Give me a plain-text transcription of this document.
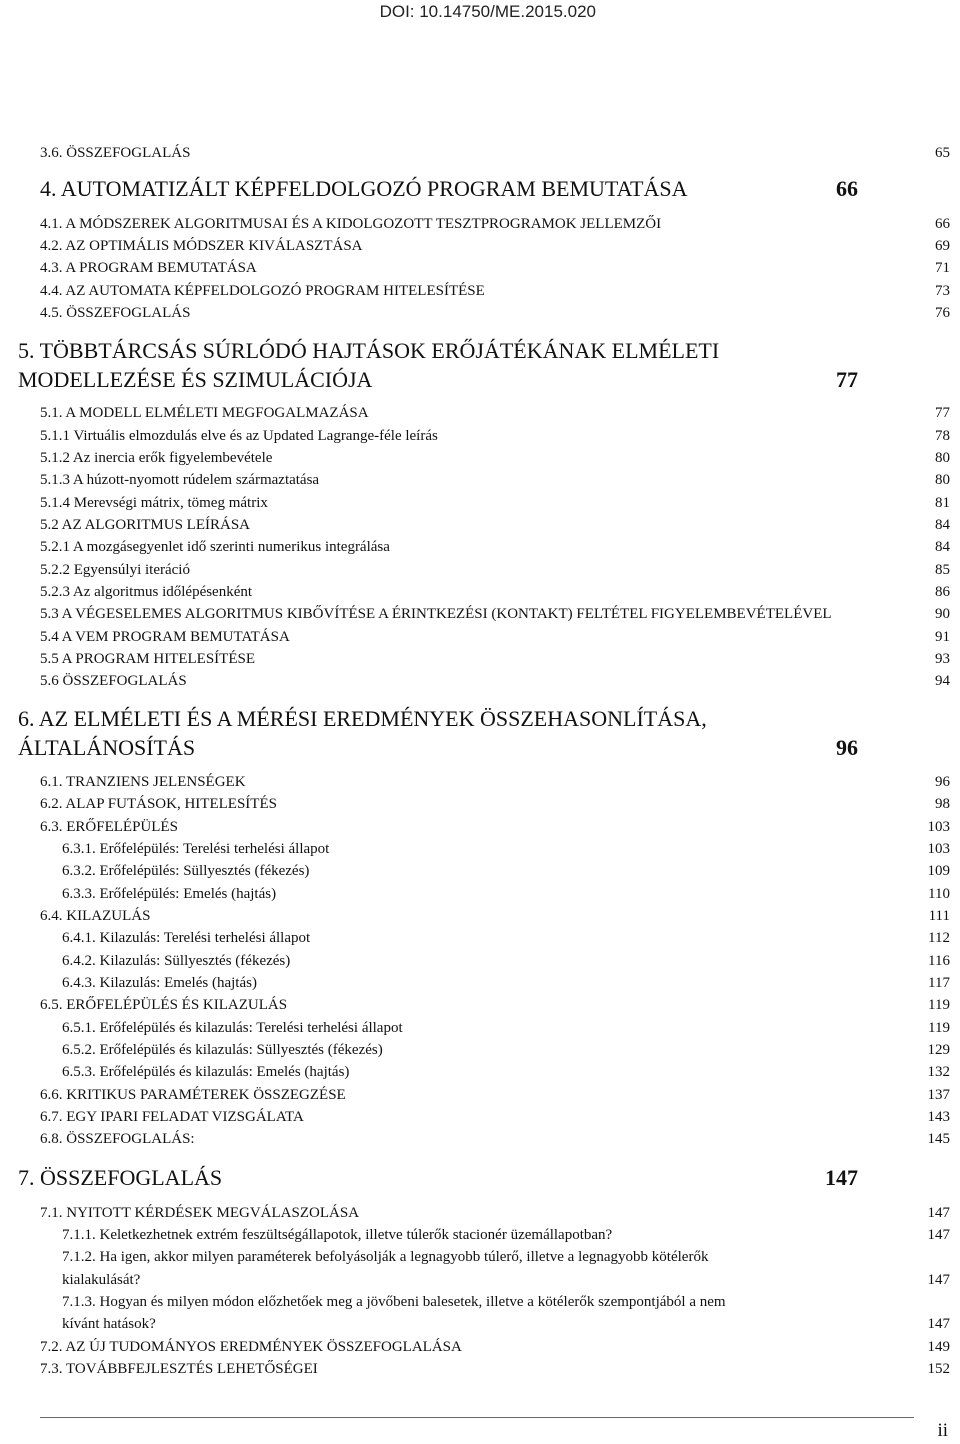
DOI: 10.14750/ME.2015.020
3.6. ÖSSZEFOGLALÁS	65
4. AUTOMATIZÁLT KÉPFELDOLGOZÓ PROGRAM BEMUTATÁSA	66
4.1. A MÓDSZEREK ALGORITMUSAI ÉS A KIDOLGOZOTT TESZTPROGRAMOK JELLEMZŐI	66
4.2. AZ OPTIMÁLIS MÓDSZER KIVÁLASZTÁSA	69
4.3. A PROGRAM BEMUTATÁSA	71
4.4. AZ AUTOMATA KÉPFELDOLGOZÓ PROGRAM HITELESÍTÉSE	73
4.5. ÖSSZEFOGLALÁS	76
5. TÖBBTÁRCSÁS SÚRLÓDÓ HAJTÁSOK ERŐJÁTÉKÁNAK ELMÉLETI
MODELLEZÉSE ÉS SZIMULÁCIÓJA	77
5.1. A MODELL ELMÉLETI MEGFOGALMAZÁSA	77
5.1.1 Virtuális elmozdulás elve és az Updated Lagrange-féle leírás	78
5.1.2 Az inercia erők figyelembevétele	80
5.1.3 A húzott-nyomott rúdelem származtatása	80
5.1.4 Merevségi mátrix, tömeg mátrix	81
5.2 AZ ALGORITMUS LEÍRÁSA	84
5.2.1 A mozgásegyenlet idő szerinti numerikus integrálása	84
5.2.2 Egyensúlyi iteráció	85
5.2.3 Az algoritmus időlépésenként	86
5.3 A VÉGESELEMES ALGORITMUS KIBŐVÍTÉSE A ÉRINTKEZÉSI (KONTAKT) FELTÉTEL FIGYELEMBEVÉTELÉVEL	90
5.4 A VEM PROGRAM BEMUTATÁSA	91
5.5 A PROGRAM HITELESÍTÉSE	93
5.6 ÖSSZEFOGLALÁS	94
6. AZ ELMÉLETI ÉS A MÉRÉSI EREDMÉNYEK ÖSSZEHASONLÍTÁSA,
ÁLTALÁNOSÍTÁS	96
6.1. TRANZIENS JELENSÉGEK	96
6.2. ALAP FUTÁSOK, HITELESÍTÉS	98
6.3. ERŐFELÉPÜLÉS	103
6.3.1. Erőfelépülés: Terelési terhelési állapot	103
6.3.2. Erőfelépülés: Süllyesztés (fékezés)	109
6.3.3. Erőfelépülés: Emelés (hajtás)	110
6.4. KILAZULÁS	111
6.4.1. Kilazulás: Terelési terhelési állapot	112
6.4.2. Kilazulás: Süllyesztés (fékezés)	116
6.4.3. Kilazulás: Emelés (hajtás)	117
6.5. ERŐFELÉPÜLÉS ÉS KILAZULÁS	119
6.5.1. Erőfelépülés és kilazulás: Terelési terhelési állapot	119
6.5.2. Erőfelépülés és kilazulás: Süllyesztés (fékezés)	129
6.5.3. Erőfelépülés és kilazulás: Emelés (hajtás)	132
6.6. KRITIKUS PARAMÉTEREK ÖSSZEGZÉSE	137
6.7. EGY IPARI FELADAT VIZSGÁLATA	143
6.8. ÖSSZEFOGLALÁS:	145
7. ÖSSZEFOGLALÁS	147
7.1. NYITOTT KÉRDÉSEK MEGVÁLASZOLÁSA	147
7.1.1. Keletkezhetnek extrém feszültségállapotok, illetve túlerők stacionér üzemállapotban?	147
7.1.2. Ha igen, akkor milyen paraméterek befolyásolják a legnagyobb túlerő, illetve a legnagyobb kötélerők
kialakulását?	147
7.1.3. Hogyan és milyen módon előzhetőek meg a jövőbeni balesetek, illetve a kötélerők szempontjából a nem
kívánt hatások?	147
7.2. AZ ÚJ TUDOMÁNYOS EREDMÉNYEK ÖSSZEFOGLALÁSA	149
7.3. TOVÁBBFEJLESZTÉS LEHETŐSÉGEI	152
ii
